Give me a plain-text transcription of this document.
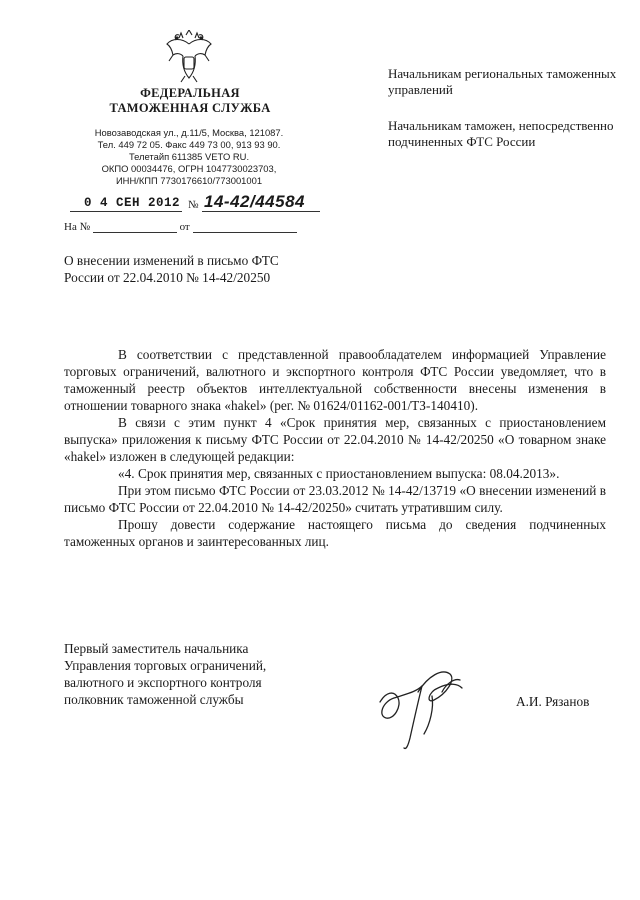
ФЕДЕРАЛЬНАЯ
ТАМОЖЕННАЯ СЛУЖБА
Новозаводская ул., д.11/5, Москва, 121087.
Тел. 449 72 05. Факс 449 73 00, 913 93 90.
Телетайп 611385 VETO RU.
ОКПО 00034476, ОГРН 1047730023703,
ИНН/КПП 7730176610/773001001
0 4 СЕН 2012 № 14-42/44584
На №	от

Начальникам региональных таможенных управлений

Начальникам таможен, непосредственно подчиненных ФТС России

О внесении изменений в письмо ФТС России от 22.04.2010 № 14-42/20250

В соответствии с представленной правообладателем информацией Управление торговых ограничений, валютного и экспортного контроля ФТС России уведомляет, что в таможенный реестр объектов интеллектуальной собственности внесены изменения в отношении товарного знака «hakel» (рег. № 01624/01162-001/ТЗ-140410).

В связи с этим пункт 4 «Срок принятия мер, связанных с приостановлением выпуска» приложения к письму ФТС России от 22.04.2010 № 14-42/20250 «О товарном знаке «hakel» изложен в следующей редакции:

«4. Срок принятия мер, связанных с приостановлением выпуска: 08.04.2013».

При этом письмо ФТС России от 23.03.2012 № 14-42/13719 «О внесении изменений в письмо ФТС России от 22.04.2010 № 14-42/20250» считать утратившим силу.

Прошу довести содержание настоящего письма до сведения подчиненных таможенных органов и заинтересованных лиц.

Первый заместитель начальника
Управления торговых ограничений,
валютного и экспортного контроля
полковник таможенной службы	А.И. Рязанов
